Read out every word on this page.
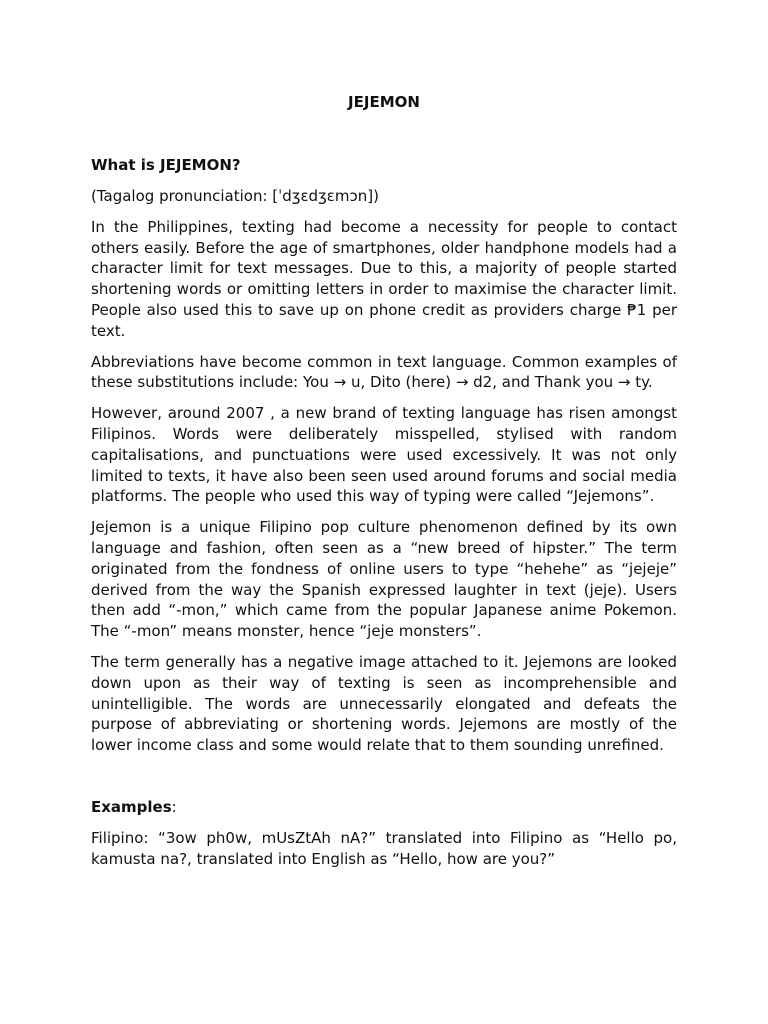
JEJEMON
What is JEJEMON?
(Tagalog pronunciation: [ˈdʒɛdʒɛmɔn])

In the Philippines, texting had become a necessity for people to contact others easily. Before the age of smartphones, older handphone models had a character limit for text messages. Due to this, a majority of people started shortening words or omitting letters in order to maximise the character limit. People also used this to save up on phone credit as providers charge ₱1 per text.

Abbreviations have become common in text language. Common examples of these substitutions include: You → u, Dito (here) → d2, and Thank you → ty.

However, around 2007 , a new brand of texting language has risen amongst Filipinos. Words were deliberately misspelled, stylised with random capitalisations, and punctuations were used excessively. It was not only limited to texts, it have also been seen used around forums and social media platforms. The people who used this way of typing were called “Jejemons”.

Jejemon is a unique Filipino pop culture phenomenon defined by its own language and fashion, often seen as a “new breed of hipster.” The term originated from the fondness of online users to type “hehehe” as “jejeje” derived from the way the Spanish expressed laughter in text (jeje). Users then add “-mon,” which came from the popular Japanese anime Pokemon. The “-mon” means monster, hence “jeje monsters”.

The term generally has a negative image attached to it. Jejemons are looked down upon as their way of texting is seen as incomprehensible and unintelligible. The words are unnecessarily elongated and defeats the purpose of abbreviating or shortening words. Jejemons are mostly of the lower income class and some would relate that to them sounding unrefined.

Examples:

Filipino: “3ow ph0w, mUsZtAh nA?” translated into Filipino as “Hello po, kamusta na?, translated into English as “Hello, how are you?”
